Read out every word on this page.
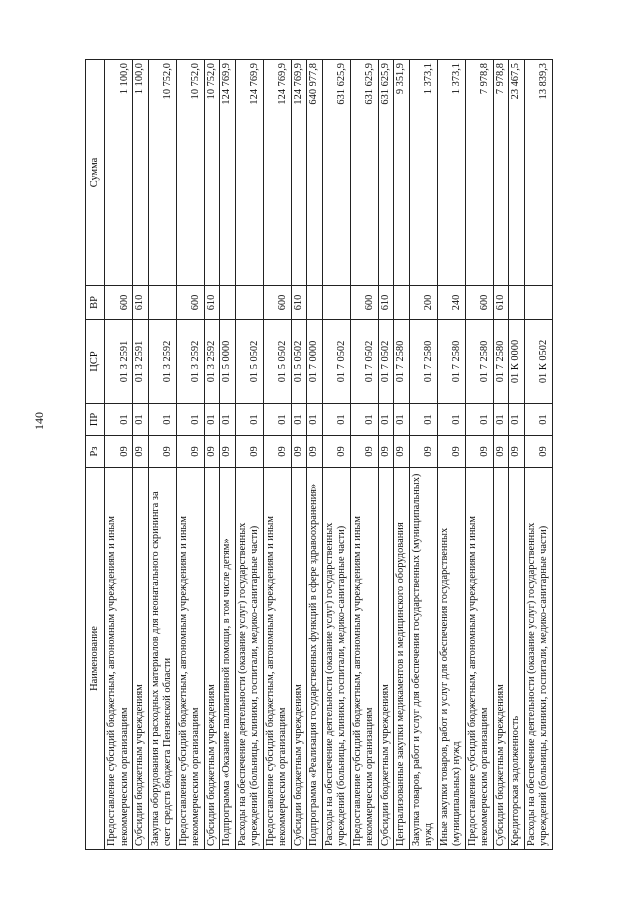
140
Наименование	Рз	ПР	ЦСР	ВР	Сумма
Предоставление субсидий бюджетным, автономным учреждениям и иным некоммерческим организациям	09	01	01 3 2591	600	1 100,0
Субсидии бюджетным учреждениям	09	01	01 3 2591	610	1 100,0
Закупка оборудования и расходных материалов для неонатального скрининга за счет средств бюджета Пензенской области	09	01	01 3 2592		10 752,0
Предоставление субсидий бюджетным, автономным учреждениям и иным некоммерческим организациям	09	01	01 3 2592	600	10 752,0
Субсидии бюджетным учреждениям	09	01	01 3 2592	610	10 752,0
Подпрограмма «Оказание паллиативной помощи, в том числе детям»	09	01	01 5 0000		124 769,9
Расходы на обеспечение деятельности (оказание услуг) государственных учреждений (больницы, клиники, госпитали, медико-санитарные части)	09	01	01 5 0502		124 769,9
Предоставление субсидий бюджетным, автономным учреждениям и иным некоммерческим организациям	09	01	01 5 0502	600	124 769,9
Субсидии бюджетным учреждениям	09	01	01 5 0502	610	124 769,9
Подпрограмма «Реализация государственных функций в сфере здравоохранения»	09	01	01 7 0000		640 977,8
Расходы на обеспечение деятельности (оказание услуг) государственных учреждений (больницы, клиники, госпитали, медико-санитарные части)	09	01	01 7 0502		631 625,9
Предоставление субсидий бюджетным, автономным учреждениям и иным некоммерческим организациям	09	01	01 7 0502	600	631 625,9
Субсидии бюджетным учреждениям	09	01	01 7 0502	610	631 625,9
Централизованные закупки медикаментов и медицинского оборудования	09	01	01 7 2580		9 351,9
Закупка товаров, работ и услуг для обеспечения государственных (муниципальных) нужд	09	01	01 7 2580	200	1 373,1
Иные закупки товаров, работ и услуг для обеспечения государственных (муниципальных) нужд	09	01	01 7 2580	240	1 373,1
Предоставление субсидий бюджетным, автономным учреждениям и иным некоммерческим организациям	09	01	01 7 2580	600	7 978,8
Субсидии бюджетным учреждениям	09	01	01 7 2580	610	7 978,8
Кредиторская задолженность	09	01	01 К 0000		23 467,5
Расходы на обеспечение деятельности (оказание услуг) государственных учреждений (больницы, клиники, госпитали, медико-санитарные части)	09	01	01 К 0502		13 839,3
